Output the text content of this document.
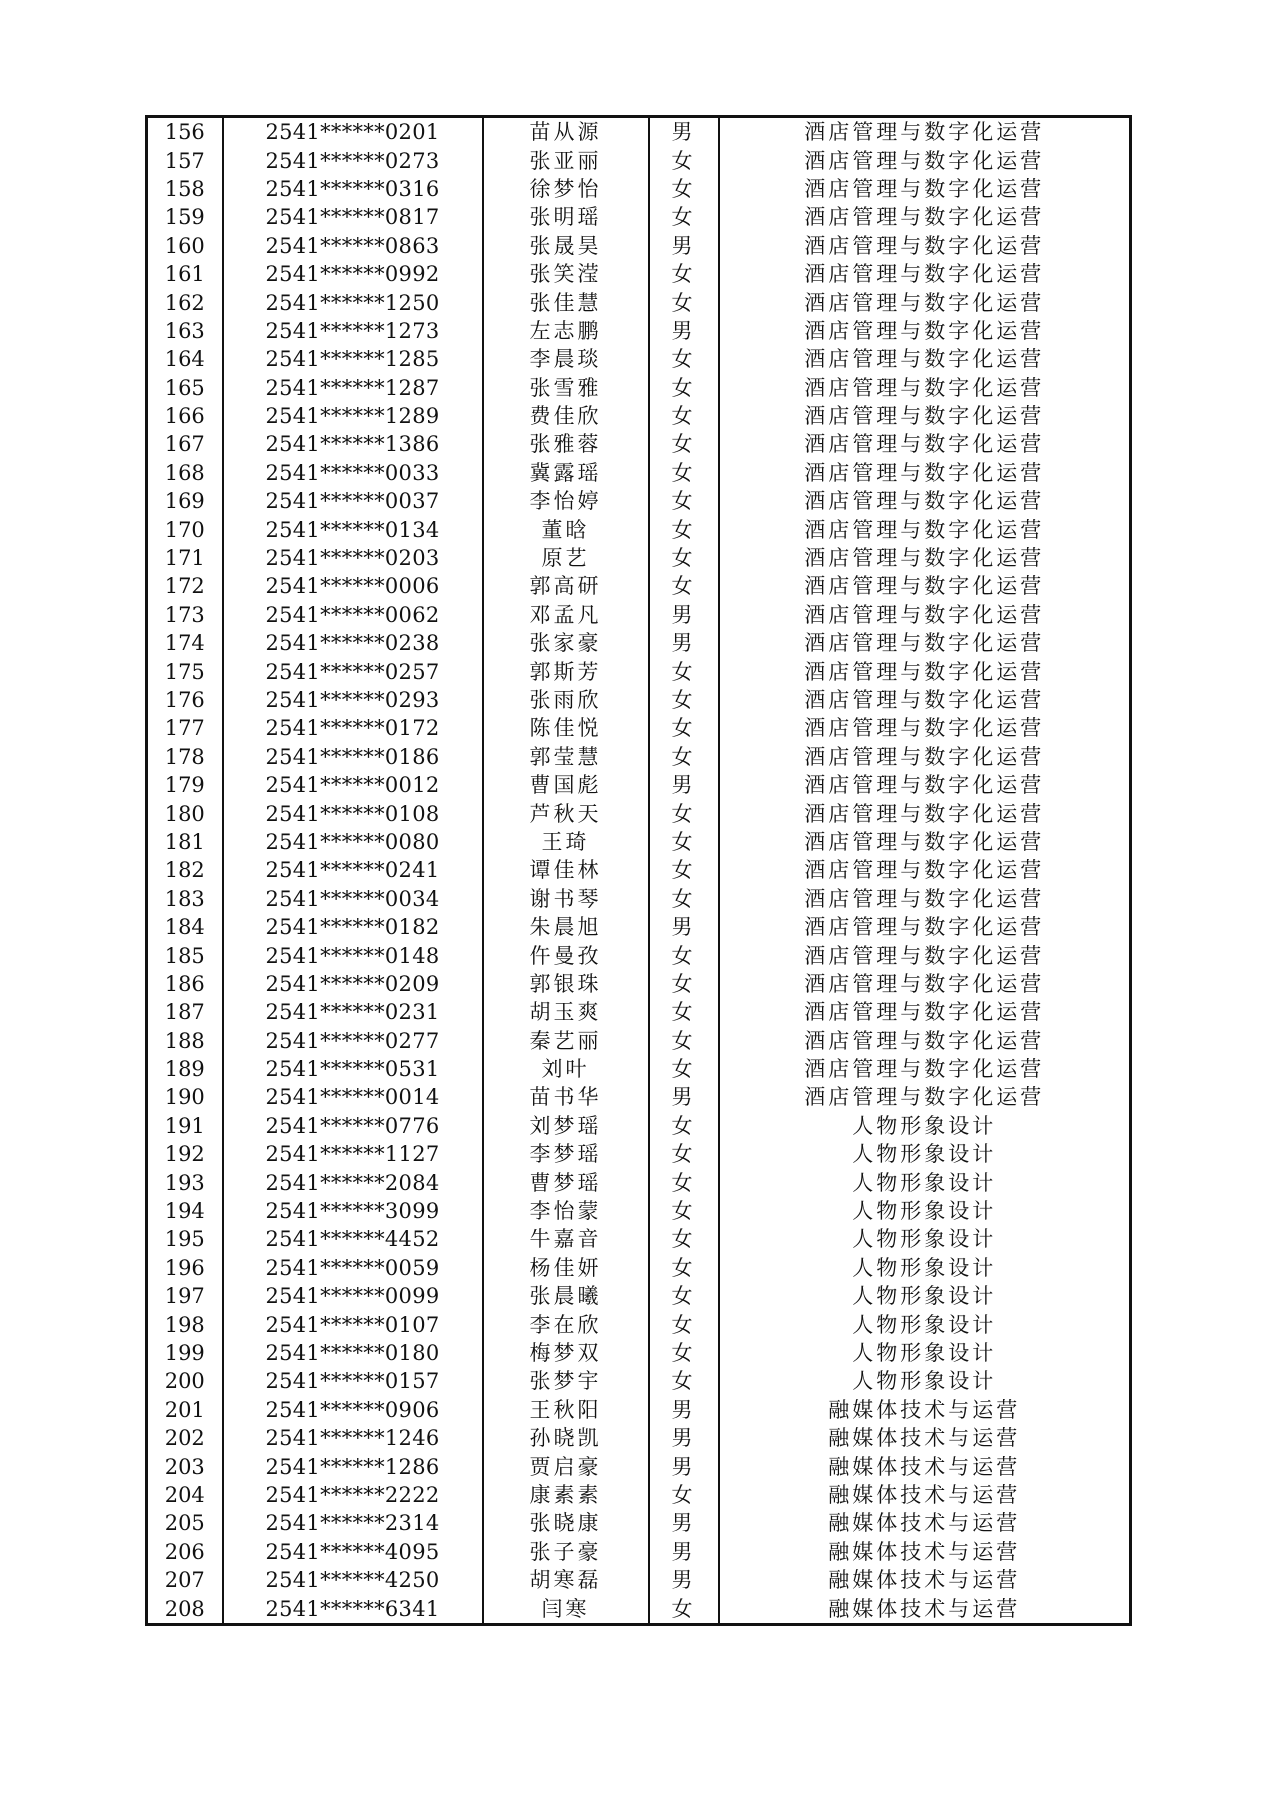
156	2541******0201	苗从源	男	酒店管理与数字化运营
157	2541******0273	张亚丽	女	酒店管理与数字化运营
158	2541******0316	徐梦怡	女	酒店管理与数字化运营
159	2541******0817	张明瑶	女	酒店管理与数字化运营
160	2541******0863	张晟昊	男	酒店管理与数字化运营
161	2541******0992	张笑滢	女	酒店管理与数字化运营
162	2541******1250	张佳慧	女	酒店管理与数字化运营
163	2541******1273	左志鹏	男	酒店管理与数字化运营
164	2541******1285	李晨琰	女	酒店管理与数字化运营
165	2541******1287	张雪雅	女	酒店管理与数字化运营
166	2541******1289	费佳欣	女	酒店管理与数字化运营
167	2541******1386	张雅蓉	女	酒店管理与数字化运营
168	2541******0033	冀露瑶	女	酒店管理与数字化运营
169	2541******0037	李怡婷	女	酒店管理与数字化运营
170	2541******0134	董晗	女	酒店管理与数字化运营
171	2541******0203	原艺	女	酒店管理与数字化运营
172	2541******0006	郭高研	女	酒店管理与数字化运营
173	2541******0062	邓孟凡	男	酒店管理与数字化运营
174	2541******0238	张家豪	男	酒店管理与数字化运营
175	2541******0257	郭斯芳	女	酒店管理与数字化运营
176	2541******0293	张雨欣	女	酒店管理与数字化运营
177	2541******0172	陈佳悦	女	酒店管理与数字化运营
178	2541******0186	郭莹慧	女	酒店管理与数字化运营
179	2541******0012	曹国彪	男	酒店管理与数字化运营
180	2541******0108	芦秋天	女	酒店管理与数字化运营
181	2541******0080	王琦	女	酒店管理与数字化运营
182	2541******0241	谭佳林	女	酒店管理与数字化运营
183	2541******0034	谢书琴	女	酒店管理与数字化运营
184	2541******0182	朱晨旭	男	酒店管理与数字化运营
185	2541******0148	仵曼孜	女	酒店管理与数字化运营
186	2541******0209	郭银珠	女	酒店管理与数字化运营
187	2541******0231	胡玉爽	女	酒店管理与数字化运营
188	2541******0277	秦艺丽	女	酒店管理与数字化运营
189	2541******0531	刘叶	女	酒店管理与数字化运营
190	2541******0014	苗书华	男	酒店管理与数字化运营
191	2541******0776	刘梦瑶	女	人物形象设计
192	2541******1127	李梦瑶	女	人物形象设计
193	2541******2084	曹梦瑶	女	人物形象设计
194	2541******3099	李怡蒙	女	人物形象设计
195	2541******4452	牛嘉音	女	人物形象设计
196	2541******0059	杨佳妍	女	人物形象设计
197	2541******0099	张晨曦	女	人物形象设计
198	2541******0107	李在欣	女	人物形象设计
199	2541******0180	梅梦双	女	人物形象设计
200	2541******0157	张梦宇	女	人物形象设计
201	2541******0906	王秋阳	男	融媒体技术与运营
202	2541******1246	孙晓凯	男	融媒体技术与运营
203	2541******1286	贾启豪	男	融媒体技术与运营
204	2541******2222	康素素	女	融媒体技术与运营
205	2541******2314	张晓康	男	融媒体技术与运营
206	2541******4095	张子豪	男	融媒体技术与运营
207	2541******4250	胡寒磊	男	融媒体技术与运营
208	2541******6341	闫寒	女	融媒体技术与运营
